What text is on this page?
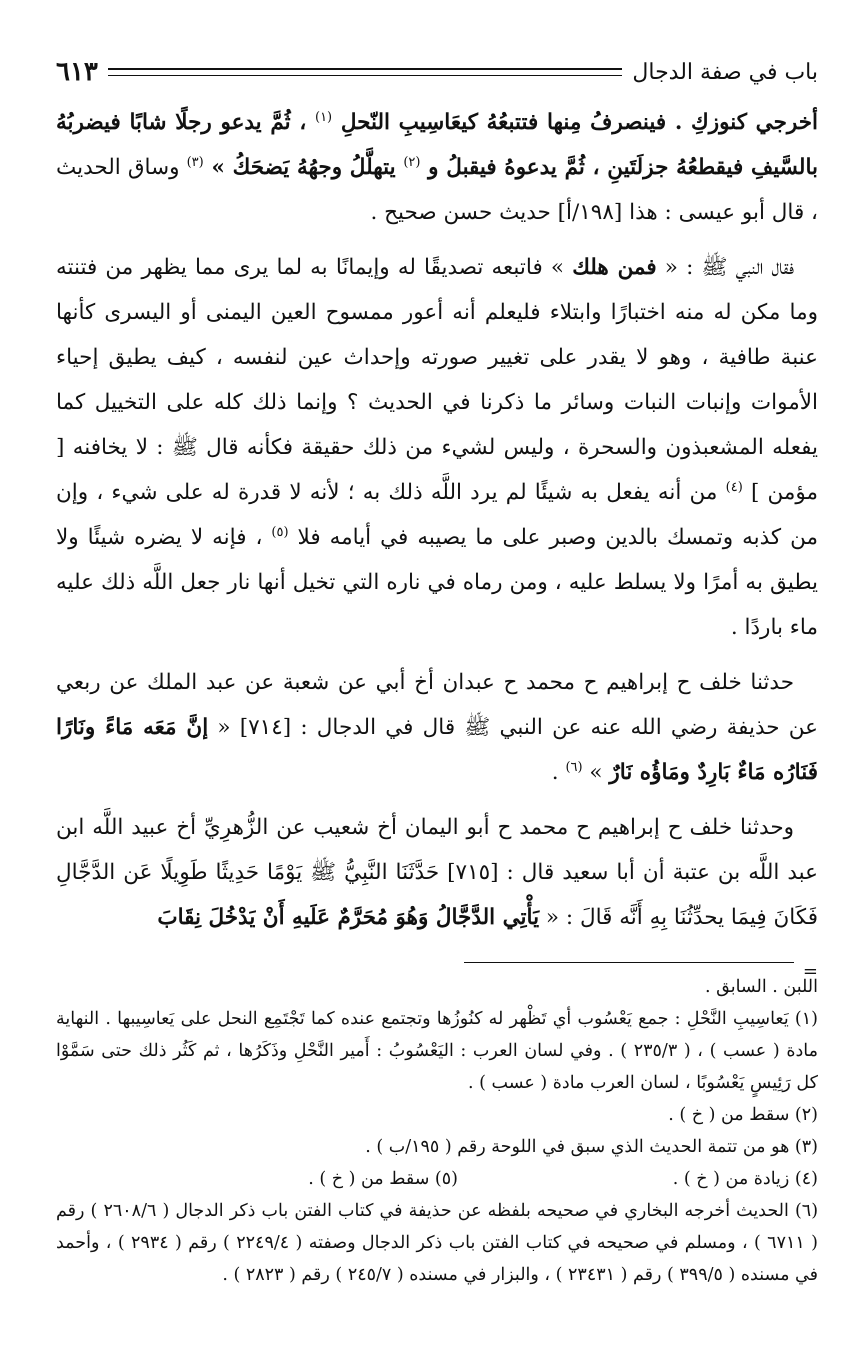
باب في صفة الدجال
٦١٣

أخرجي كنوزكِ . فينصرفُ مِنها فتتبعُهُ كيعَاسِيبِ النّحلِ $^{(١)}$ ، ثُمَّ يدعو رجلًا شابًا فيضربُهُ بالسَّيفِ فيقطعُهُ جزلَتَينِ ، ثُمَّ يدعوهُ فيقبلُ و $^{(٢)}$ يتهلَّلُ وجهُهُ يَضحَكُ » $^{(٣)}$ وساق الحديث ، قال أبو عيسى : هذا [١٩٨/أ] حديث حسن صحيح .

فقال النبي ﷺ : « فمن هلك » فاتبعه تصديقًا له وإيمانًا به لما يرى مما يظهر من فتنته وما مكن له منه اختبارًا وابتلاء فليعلم أنه أعور ممسوح العين اليمنى أو اليسرى كأنها عنبة طافية ، وهو لا يقدر على تغيير صورته وإحداث عين لنفسه ، كيف يطيق إحياء الأموات وإنبات النبات وسائر ما ذكرنا في الحديث ؟ وإنما ذلك كله على التخييل كما يفعله المشعبذون والسحرة ، وليس لشيء من ذلك حقيقة فكأنه قال ﷺ : لا يخافنه [ مؤمن ] $^{(٤)}$ من أنه يفعل به شيئًا لم يرد اللَّه ذلك به ؛ لأنه لا قدرة له على شيء ، وإن من كذبه وتمسك بالدين وصبر على ما يصيبه في أيامه فلا $^{(٥)}$ ، فإنه لا يضره شيئًا ولا يطيق به أمرًا ولا يسلط عليه ، ومن رماه في ناره التي تخيل أنها نار جعل اللَّه ذلك عليه ماء باردًا .

حدثنا خلف ح إبراهيم ح محمد ح عبدان أخ أبي عن شعبة عن عبد الملك عن ربعي عن حذيفة رضي الله عنه عن النبي ﷺ قال في الدجال : [٧١٤] « إنَّ مَعَه مَاءً ونَارًا فَنَارُه مَاءٌ بَارِدٌ ومَاؤُه نَارٌ » $^{(٦)}$ .

وحدثنا خلف ح إبراهيم ح محمد ح أبو اليمان أخ شعيب عن الزُّهرِيِّ أخ عبيد اللَّه ابن عبد اللَّه بن عتبة أن أبا سعيد قال : [٧١٥] حَدَّثَنَا النَّبِيُّ ﷺ يَوْمًا حَدِيثًا طَوِيلًا عَن الدَّجَّالِ فَكَانَ فِيمَا يحدِّثُنَا بِهِ أَنَّه قَالَ : « يَأْتِي الدَّجَّالُ وَهُوَ مُحَرَّمٌ عَلَيهِ أَنْ يَدْخُلَ نِقَابَ

=

اللبن . السابق .

(١) يَعاسِيبِ النَّحْلِ : جمع يَعْسُوب أي تَظْهر له كنُوزُها وتجتمع عنده كما تَجْتَمِع النحل على يَعاسِيبها . النهاية مادة ( عسب ) ، ( ٢٣٥/٣ ) . وفي لسان العرب : اليَعْسُوبُ : أَمير النَّحْلِ وذَكَرُها ، ثم كَثُر ذلك حتى سَمَّوْا كل رَئِيسٍ يَعْسُوبًا ، لسان العرب مادة ( عسب ) .

(٢) سقط من ( خ ) .

(٣) هو من تتمة الحديث الذي سبق في اللوحة رقم ( ١٩٥/ب ) .

(٤) زيادة من ( خ ) .
(٥) سقط من ( خ ) .

(٦) الحديث أخرجه البخاري في صحيحه بلفظه عن حذيفة في كتاب الفتن باب ذكر الدجال ( ٢٦٠٨/٦ ) رقم ( ٦٧١١ ) ، ومسلم في صحيحه في كتاب الفتن باب ذكر الدجال وصفته ( ٢٢٤٩/٤ ) رقم ( ٢٩٣٤ ) ، وأحمد في مسنده ( ٣٩٩/٥ ) رقم ( ٢٣٤٣١ ) ، والبزار في مسنده ( ٢٤٥/٧ ) رقم ( ٢٨٢٣ ) .
